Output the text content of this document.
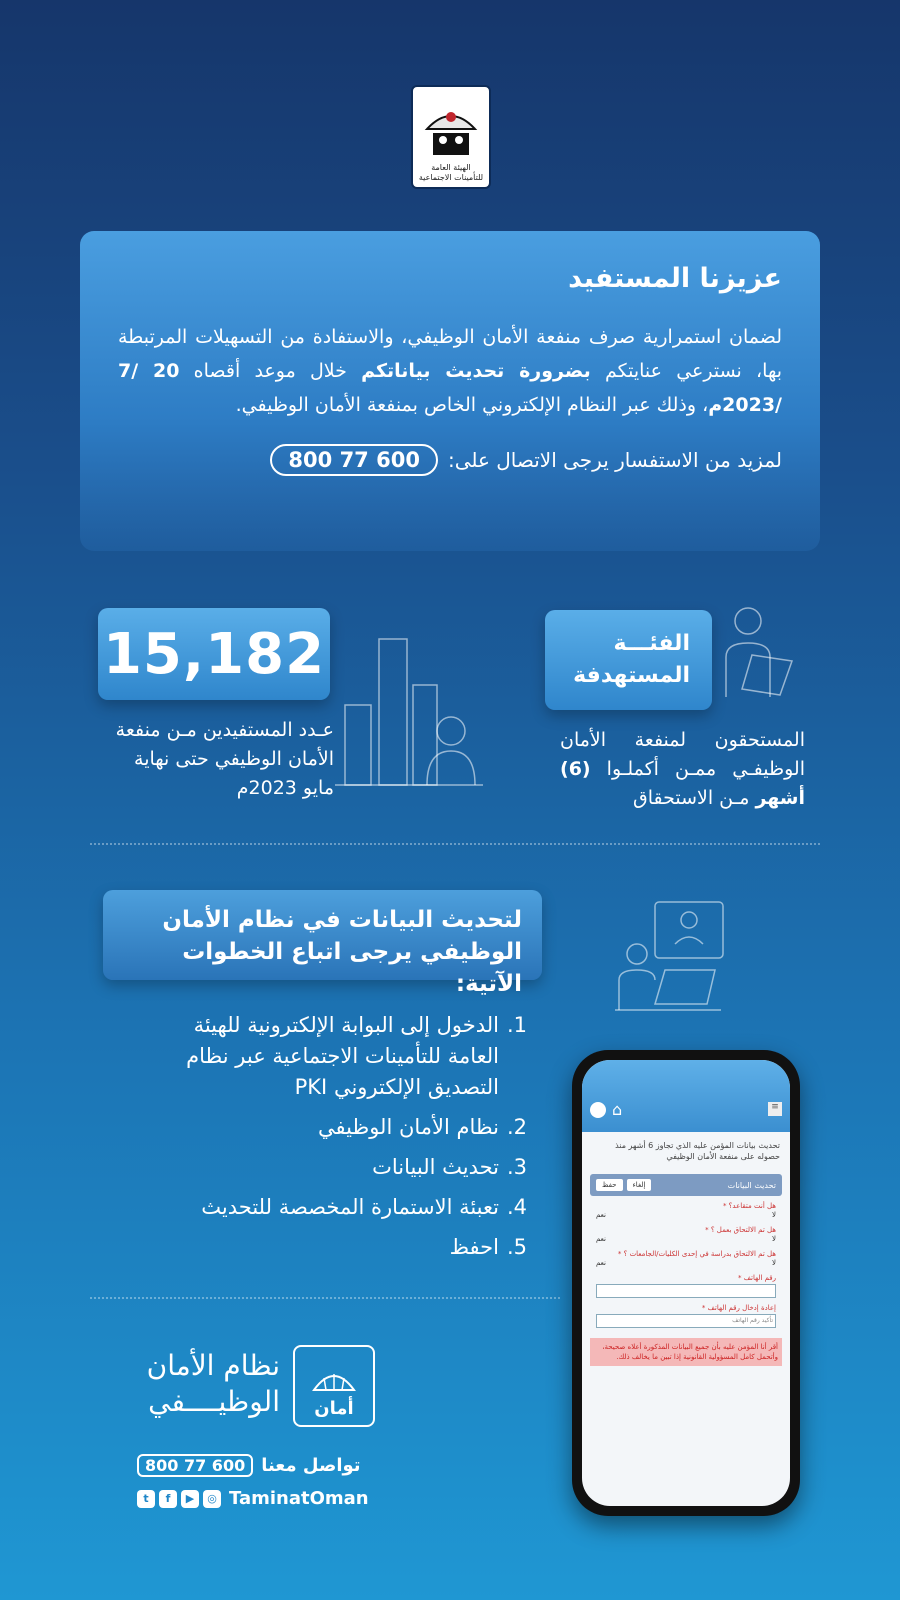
الهيئة العامة
للتأمينات الاجتماعية
عزيزنا المستفيد

لضمان استمرارية صرف منفعة الأمان الوظيفي، والاستفادة من التسهيلات المرتبطة بها، نسترعي عنايتكم بضرورة تحديث بياناتكم خلال موعد أقصاه 20 /7 /2023م، وذلك عبر النظام الإلكتروني الخاص بمنفعة الأمان الوظيفي.

لمزيد من الاستفسار يرجى الاتصال على:
800 77 600
15,182
عـدد المستفيدين مـن منفعة الأمان الوظيفي حتى نهاية مايو 2023م
الفئـــة
المستهدفة
المستحقون لمنفعة الأمان الوظيفـي ممـن أكملـوا (6) أشهر مـن الاستحقاق
لتحديث البيانات في نظام الأمان الوظيفي يرجى اتباع الخطوات الآتية:
1.
الدخول إلى البوابة الإلكترونية للهيئة العامة للتأمينات الاجتماعية عبر نظام التصديق الإلكتروني PKI
2.
نظام الأمان الوظيفي
3.
تحديث البيانات
4.
تعبئة الاستمارة المخصصة للتحديث
5.
احفظ
أمان
نظام الأمان
الوظيــــفي
تواصل معنا
800 77 600
t	f	▶	◎ TaminatOman
⌂	≡
تحديث بيانات المؤمن عليه الذي تجاوز 6 أشهر منذ حصوله على منفعة الأمان الوظيفي
تحديث البيانات
إلغاء
حفظ
هل أنت متقاعد؟ *
لا
نعم
هل تم الالتحاق بعمل ؟ *
لا
نعم
هل تم الالتحاق بدراسة في إحدى الكليات/الجامعات ؟ *
لا
نعم
رقم الهاتف *
إعادة إدخال رقم الهاتف *
تأكيد رقم الهاتف
أقر أنا المؤمن عليه بأن جميع البيانات المذكورة أعلاه صحيحة، وأتحمل كامل المسؤولية القانونية إذا تبين ما يخالف ذلك.
